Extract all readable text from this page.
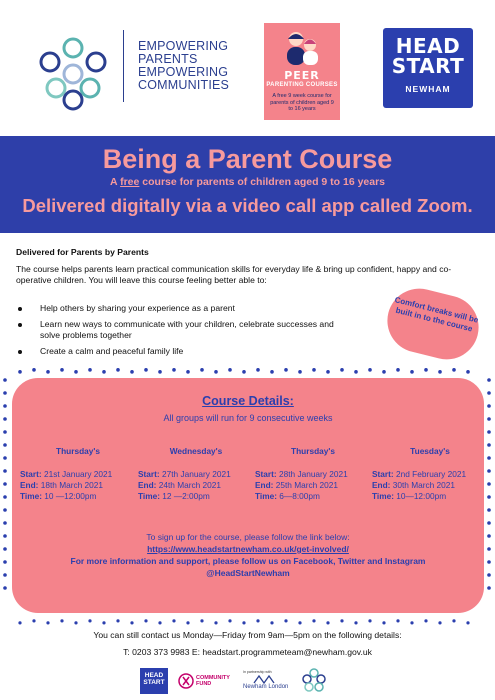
EMPOWERING
PARENTS
EMPOWERING
COMMUNITIES
PEER
PARENTING COURSES
A free 9 week course for parents of children aged 9 to 16 years
HEAD
START
NEWHAM
Being a Parent Course
A free course for parents of children aged 9 to 16 years
Delivered digitally via a video call app called Zoom.
Delivered for Parents by Parents
The course helps parents learn practical communication skills for everyday life & bring up confident, happy and co-operative children. You will leave this course feeling better able to:
Help others by sharing your experience as a parent
Learn new ways to communicate with your children, celebrate successes and solve problems together
Create a calm and peaceful family life
Comfort breaks will be built in to the course
Course Details:
All groups will run for 9 consecutive weeks
Thursday's
Start: 21st January 2021
End: 18th March 2021
Time: 10 —12:00pm
Wednesday's
Start: 27th January 2021
End: 24th March 2021
Time: 12 —2:00pm
Thursday's
Start: 28th January 2021
End: 25th March 2021
Time: 6—8:00pm
Tuesday's
Start: 2nd February 2021
End: 30th March 2021
Time: 10—12:00pm
To sign up for the course, please follow the link below:
https://www.headstartnewham.co.uk/get-involved/
For more information and support, please follow us on Facebook, Twitter and Instagram @HeadStartNewham
You can still contact us Monday—Friday from 9am—5pm on the following details:
T: 0203 373 9983 E: headstart.programmeteam@newham.gov.uk
HEAD START
COMMUNITY FUND
In partnership with
Newham London
